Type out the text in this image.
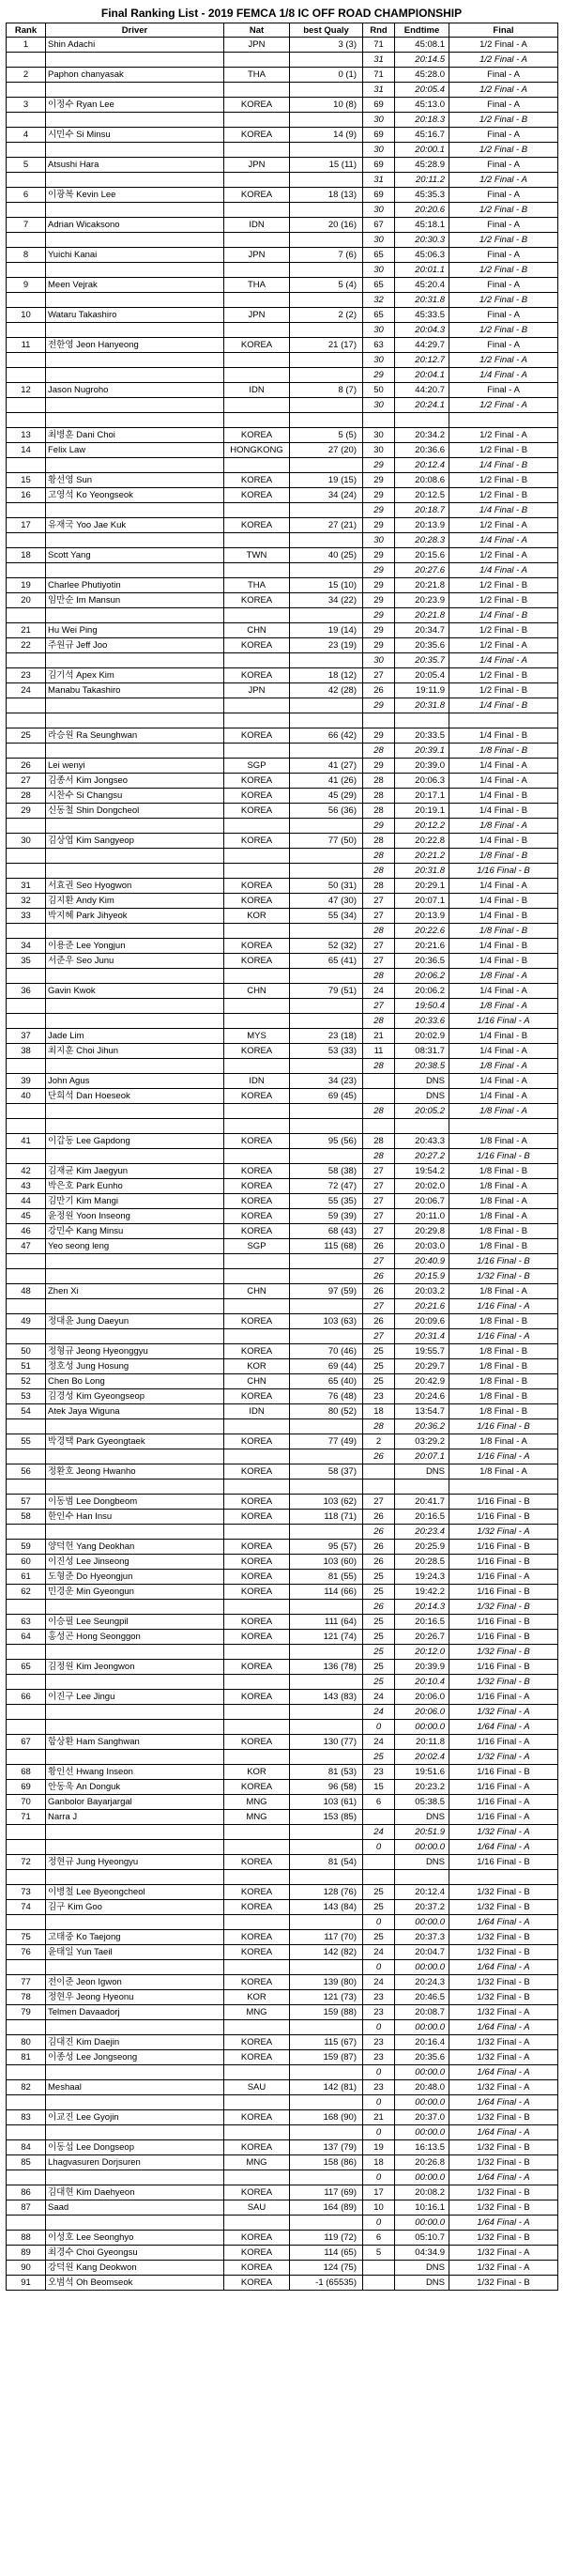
Final Ranking List - 2019 FEMCA 1/8 IC OFF ROAD CHAMPIONSHIP
Rank	Driver	Nat	best Qualy	Rnd	Endtime	Final
1	Shin Adachi	JPN	3 (3)	71	45:08.1	1/2 Final - A
				31	20:14.5	1/2 Final - A
2	Paphon chanyasak	THA	0 (1)	71	45:28.0	Final - A
				31	20:05.4	1/2 Final - A
3	이정수 Ryan Lee	KOREA	10 (8)	69	45:13.0	Final - A
				30	20:18.3	1/2 Final - B
4	시민수 Si Minsu	KOREA	14 (9)	69	45:16.7	Final - A
				30	20:00.1	1/2 Final - B
5	Atsushi Hara	JPN	15 (11)	69	45:28.9	Final - A
				31	20:11.2	1/2 Final - A
6	이광복 Kevin Lee	KOREA	18 (13)	69	45:35.3	Final - A
				30	20:20.6	1/2 Final - B
7	Adrian Wicaksono	IDN	20 (16)	67	45:18.1	Final - A
				30	20:30.3	1/2 Final - B
8	Yuichi Kanai	JPN	7 (6)	65	45:06.3	Final - A
				30	20:01.1	1/2 Final - B
9	Meen Vejrak	THA	5 (4)	65	45:20.4	Final - A
				32	20:31.8	1/2 Final - B
10	Wataru Takashiro	JPN	2 (2)	65	45:33.5	Final - A
				30	20:04.3	1/2 Final - B
11	전한영 Jeon Hanyeong	KOREA	21 (17)	63	44:29.7	Final - A
				30	20:12.7	1/2 Final - A
				29	20:04.1	1/4 Final - A
12	Jason Nugroho	IDN	8 (7)	50	44:20.7	Final - A
				30	20:24.1	1/2 Final - A

13	최병훈 Dani Choi	KOREA	5 (5)	30	20:34.2	1/2 Final - A
14	Felix Law	HONGKONG	27 (20)	30	20:36.6	1/2 Final - B
				29	20:12.4	1/4 Final - B
15	황선영 Sun	KOREA	19 (15)	29	20:08.6	1/2 Final - B
16	고영석 Ko Yeongseok	KOREA	34 (24)	29	20:12.5	1/2 Final - B
				29	20:18.7	1/4 Final - B
17	유재국 Yoo Jae Kuk	KOREA	27 (21)	29	20:13.9	1/2 Final - A
				30	20:28.3	1/4 Final - A
18	Scott Yang	TWN	40 (25)	29	20:15.6	1/2 Final - A
				29	20:27.6	1/4 Final - A
19	Charlee Phutiyotin	THA	15 (10)	29	20:21.8	1/2 Final - B
20	임만순 Im Mansun	KOREA	34 (22)	29	20:23.9	1/2 Final - B
				29	20:21.8	1/4 Final - B
21	Hu Wei Ping	CHN	19 (14)	29	20:34.7	1/2 Final - B
22	주원규 Jeff Joo	KOREA	23 (19)	29	20:35.6	1/2 Final - A
				30	20:35.7	1/4 Final - A
23	김기석 Apex Kim	KOREA	18 (12)	27	20:05.4	1/2 Final - B
24	Manabu Takashiro	JPN	42 (28)	26	19:11.9	1/2 Final - B
				29	20:31.8	1/4 Final - B

25	라승원 Ra Seunghwan	KOREA	66 (42)	29	20:33.5	1/4 Final - B
				28	20:39.1	1/8 Final - B
26	Lei wenyi	SGP	41 (27)	29	20:39.0	1/4 Final - A
27	김종서 Kim Jongseo	KOREA	41 (26)	28	20:06.3	1/4 Final - A
28	시찬수 Si Changsu	KOREA	45 (29)	28	20:17.1	1/4 Final - B
29	신동철 Shin Dongcheol	KOREA	56 (36)	28	20:19.1	1/4 Final - B
				29	20:12.2	1/8 Final - A
30	김상엽 Kim Sangyeop	KOREA	77 (50)	28	20:22.8	1/4 Final - B
				28	20:21.2	1/8 Final - B
				28	20:31.8	1/16 Final - B
31	서효권 Seo Hyogwon	KOREA	50 (31)	28	20:29.1	1/4 Final - A
32	김지환 Andy Kim	KOREA	47 (30)	27	20:07.1	1/4 Final - B
33	박지혜 Park Jihyeok	KOR	55 (34)	27	20:13.9	1/4 Final - B
				28	20:22.6	1/8 Final - B
34	이용준 Lee Yongjun	KOREA	52 (32)	27	20:21.6	1/4 Final - B
35	서준우 Seo Junu	KOREA	65 (41)	27	20:36.5	1/4 Final - B
				28	20:06.2	1/8 Final - A
36	Gavin Kwok	CHN	79 (51)	24	20:06.2	1/4 Final - A
				27	19:50.4	1/8 Final - A
				28	20:33.6	1/16 Final - A
37	Jade Lim	MYS	23 (18)	21	20:02.9	1/4 Final - B
38	최지훈 Choi Jihun	KOREA	53 (33)	11	08:31.7	1/4 Final - A
				28	20:38.5	1/8 Final - A
39	John Agus	IDN	34 (23)		DNS	1/4 Final - A
40	단희석 Dan Hoeseok	KOREA	69 (45)		DNS	1/4 Final - A
				28	20:05.2	1/8 Final - A

41	이갑동 Lee Gapdong	KOREA	95 (56)	28	20:43.3	1/8 Final - A
				28	20:27.2	1/16 Final - B
42	김재균 Kim Jaegyun	KOREA	58 (38)	27	19:54.2	1/8 Final - B
43	박은호 Park Eunho	KOREA	72 (47)	27	20:02.0	1/8 Final - A
44	김만기 Kim Mangi	KOREA	55 (35)	27	20:06.7	1/8 Final - A
45	윤정원 Yoon Inseong	KOREA	59 (39)	27	20:11.0	1/8 Final - A
46	강민수 Kang Minsu	KOREA	68 (43)	27	20:29.8	1/8 Final - B
47	Yeo seong leng	SGP	115 (68)	26	20:03.0	1/8 Final - B
				27	20:40.9	1/16 Final - B
				26	20:15.9	1/32 Final - B
48	Zhen Xi	CHN	97 (59)	26	20:03.2	1/8 Final - A
				27	20:21.6	1/16 Final - A
49	정대윤 Jung Daeyun	KOREA	103 (63)	26	20:09.6	1/8 Final - B
				27	20:31.4	1/16 Final - A
50	정형규 Jeong Hyeonggyu	KOREA	70 (46)	25	19:55.7	1/8 Final - B
51	정호성 Jung Hosung	KOR	69 (44)	25	20:29.7	1/8 Final - B
52	Chen Bo Long	CHN	65 (40)	25	20:42.9	1/8 Final - B
53	김경성 Kim Gyeongseop	KOREA	76 (48)	23	20:24.6	1/8 Final - B
54	Atek Jaya Wiguna	IDN	80 (52)	18	13:54.7	1/8 Final - B
				28	20:36.2	1/16 Final - B
55	박경택 Park Gyeongtaek	KOREA	77 (49)	2	03:29.2	1/8 Final - A
				26	20:07.1	1/16 Final - A
56	정환호 Jeong Hwanho	KOREA	58 (37)		DNS	1/8 Final - A

57	이동범 Lee Dongbeom	KOREA	103 (62)	27	20:41.7	1/16 Final - B
58	한인수 Han Insu	KOREA	118 (71)	26	20:16.5	1/16 Final - B
				26	20:23.4	1/32 Final - A
59	양덕헌 Yang Deokhan	KOREA	95 (57)	26	20:25.9	1/16 Final - B
60	이진성 Lee Jinseong	KOREA	103 (60)	26	20:28.5	1/16 Final - B
61	도형준 Do Hyeongjun	KOREA	81 (55)	25	19:24.3	1/16 Final - A
62	민경운 Min Gyeongun	KOREA	114 (66)	25	19:42.2	1/16 Final - B
				26	20:14.3	1/32 Final - B
63	이승필 Lee Seungpil	KOREA	111 (64)	25	20:16.5	1/16 Final - B
64	홍성곤 Hong Seonggon	KOREA	121 (74)	25	20:26.7	1/16 Final - B
				25	20:12.0	1/32 Final - B
65	김정원 Kim Jeongwon	KOREA	136 (78)	25	20:39.9	1/16 Final - B
				25	20:10.4	1/32 Final - B
66	이진구 Lee Jingu	KOREA	143 (83)	24	20:06.0	1/16 Final - A
				24	20:06.0	1/32 Final - A
				0	00:00.0	1/64 Final - A
67	함상환 Ham Sanghwan	KOREA	130 (77)	24	20:11.8	1/16 Final - A
				25	20:02.4	1/32 Final - A
68	황인선 Hwang Inseon	KOR	81 (53)	23	19:51.6	1/16 Final - B
69	안동욱 An Donguk	KOREA	96 (58)	15	20:23.2	1/16 Final - A
70	Ganbolor Bayarjargal	MNG	103 (61)	6	05:38.5	1/16 Final - A
71	Narra J	MNG	153 (85)		DNS	1/16 Final - A
				24	20:51.9	1/32 Final - A
				0	00:00.0	1/64 Final - A
72	정현규 Jung Hyeongyu	KOREA	81 (54)		DNS	1/16 Final - B

73	이병철 Lee Byeongcheol	KOREA	128 (76)	25	20:12.4	1/32 Final - B
74	김구 Kim Goo	KOREA	143 (84)	25	20:37.2	1/32 Final - B
				0	00:00.0	1/64 Final - A
75	고태중 Ko Taejong	KOREA	117 (70)	25	20:37.3	1/32 Final - B
76	윤태일 Yun Taeil	KOREA	142 (82)	24	20:04.7	1/32 Final - B
				0	00:00.0	1/64 Final - A
77	전이준 Jeon Igwon	KOREA	139 (80)	24	20:24.3	1/32 Final - B
78	정현우 Jeong Hyeonu	KOR	121 (73)	23	20:46.5	1/32 Final - B
79	Telmen Davaadorj	MNG	159 (88)	23	20:08.7	1/32 Final - A
				0	00:00.0	1/64 Final - A
80	김대진 Kim Daejin	KOREA	115 (67)	23	20:16.4	1/32 Final - A
81	이종성 Lee Jongseong	KOREA	159 (87)	23	20:35.6	1/32 Final - A
				0	00:00.0	1/64 Final - A
82	Meshaal	SAU	142 (81)	23	20:48.0	1/32 Final - A
				0	00:00.0	1/64 Final - A
83	이교진 Lee Gyojin	KOREA	168 (90)	21	20:37.0	1/32 Final - B
				0	00:00.0	1/64 Final - A
84	이동섭 Lee Dongseop	KOREA	137 (79)	19	16:13.5	1/32 Final - B
85	Lhagvasuren Dorjsuren	MNG	158 (86)	18	20:26.8	1/32 Final - B
				0	00:00.0	1/64 Final - A
86	김대현 Kim Daehyeon	KOREA	117 (69)	17	20:08.2	1/32 Final - B
87	Saad	SAU	164 (89)	10	10:16.1	1/32 Final - B
				0	00:00.0	1/64 Final - A
88	이성호 Lee Seonghyo	KOREA	119 (72)	6	05:10.7	1/32 Final - B
89	최경수 Choi Gyeongsu	KOREA	114 (65)	5	04:34.9	1/32 Final - A
90	강덕원 Kang Deokwon	KOREA	124 (75)		DNS	1/32 Final - A
91	오범석 Oh Beomseok	KOREA	-1 (65535)		DNS	1/32 Final - B
